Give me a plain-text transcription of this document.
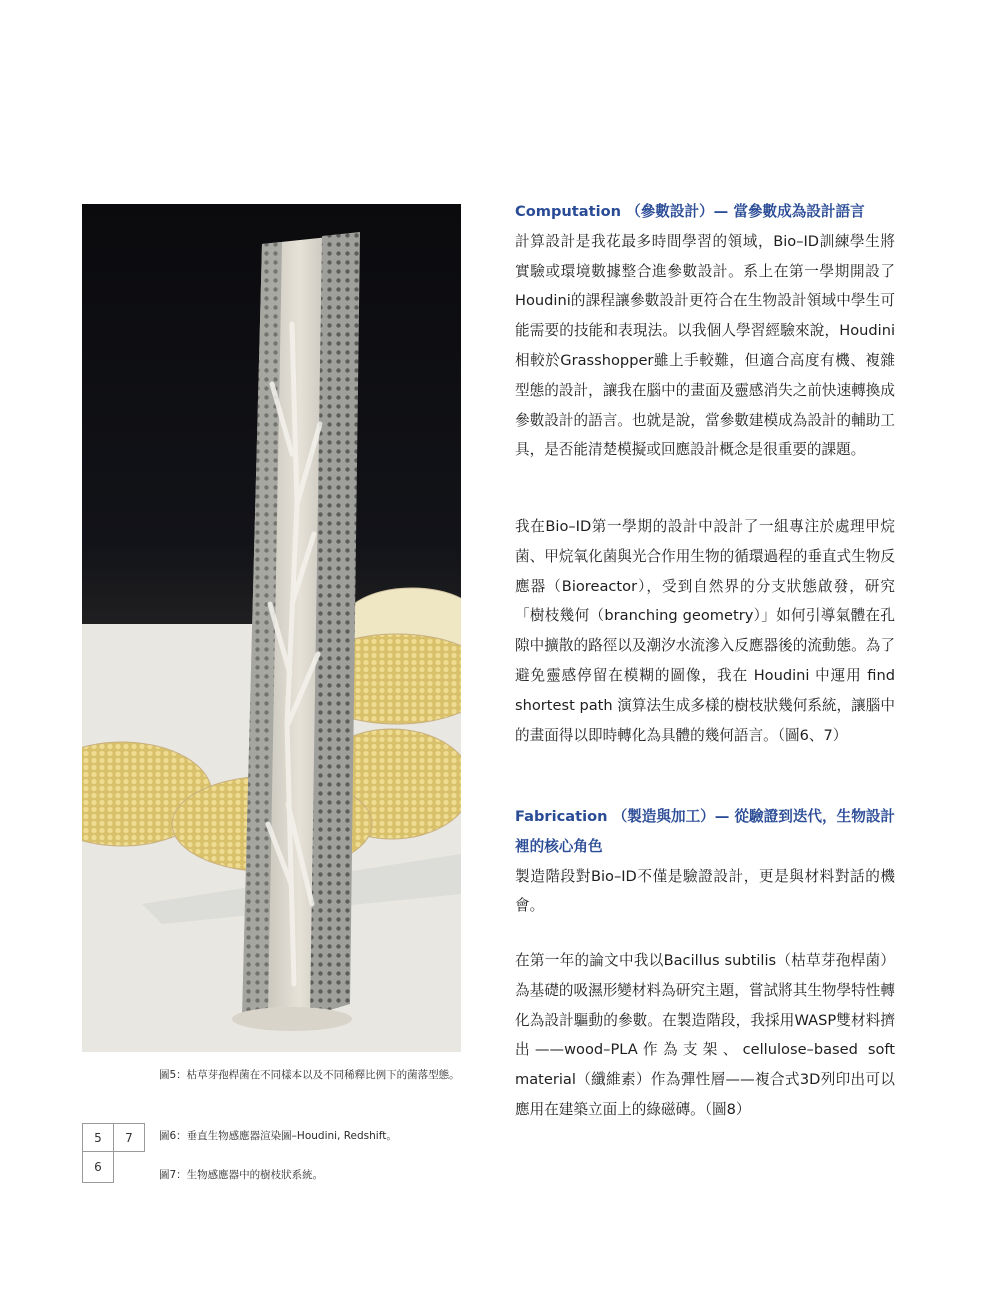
圖5：枯草芽孢桿菌在不同樣本以及不同稀釋比例下的菌落型態。
5	7
6
圖6：垂直生物感應器渲染圖–Houdini, Redshift。
圖7：生物感應器中的樹枝狀系統。
Computation （參數設計）— 當參數成為設計語言

計算設計是我花最多時間學習的領域，Bio–ID訓練學生將實驗或環境數據整合進參數設計。系上在第一學期開設了Houdini的課程讓參數設計更符合在生物設計領域中學生可能需要的技能和表現法。以我個人學習經驗來說，Houdini相較於Grasshopper雖上手較難，但適合高度有機、複雜型態的設計，讓我在腦中的畫面及靈感消失之前快速轉換成參數設計的語言。也就是說，當參數建模成為設計的輔助工具，是否能清楚模擬或回應設計概念是很重要的課題。

我在Bio–ID第一學期的設計中設計了一組專注於處理甲烷菌、甲烷氧化菌與光合作用生物的循環過程的垂直式生物反應器（Bioreactor），受到自然界的分支狀態啟發，研究「樹枝幾何（branching geometry）」如何引導氣體在孔隙中擴散的路徑以及潮汐水流滲入反應器後的流動態。為了避免靈感停留在模糊的圖像，我在 Houdini 中運用 find shortest path 演算法生成多樣的樹枝狀幾何系統，讓腦中的畫面得以即時轉化為具體的幾何語言。（圖6、7）

Fabrication （製造與加工）— 從驗證到迭代，生物設計裡的核心角色

製造階段對Bio–ID不僅是驗證設計，更是與材料對話的機會。

在第一年的論文中我以Bacillus subtilis（枯草芽孢桿菌）為基礎的吸濕形變材料為研究主題，嘗試將其生物學特性轉化為設計驅動的參數。在製造階段，我採用WASP雙材料擠出——wood–PLA作為支架、cellulose–based soft material（纖維素）作為彈性層——複合式3D列印出可以應用在建築立面上的綠磁磚。（圖8）
